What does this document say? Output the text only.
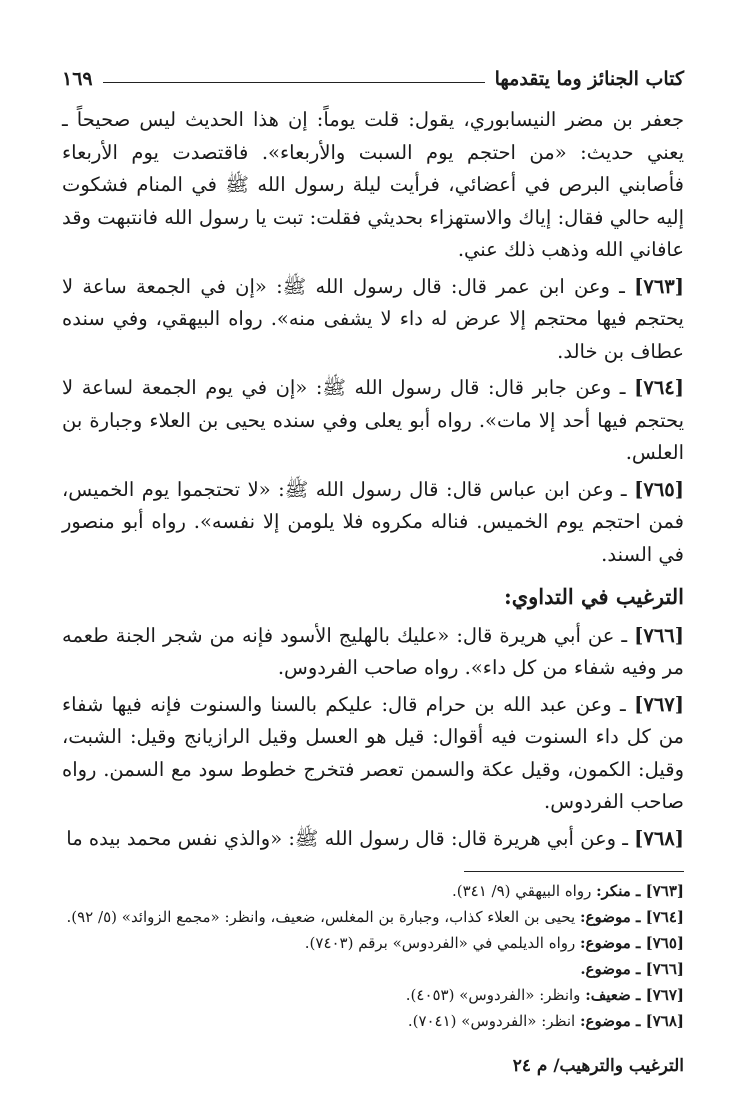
كتاب الجنائز وما يتقدمها
١٦٩

جعفر بن مضر النيسابوري، يقول: قلت يوماً: إن هذا الحديث ليس صحيحاً ـ يعني حديث: «من احتجم يوم السبت والأربعاء». فاقتصدت يوم الأربعاء فأصابني البرص في أعضائي، فرأيت ليلة رسول الله ﷺ في المنام فشكوت إليه حالي فقال: إياك والاستهزاء بحديثي فقلت: تبت يا رسول الله فانتبهت وقد عافاني الله وذهب ذلك عني.

[٧٦٣] ـ وعن ابن عمر قال: قال رسول الله ﷺ: «إن في الجمعة ساعة لا يحتجم فيها محتجم إلا عرض له داء لا يشفى منه». رواه البيهقي، وفي سنده عطاف بن خالد.

[٧٦٤] ـ وعن جابر قال: قال رسول الله ﷺ: «إن في يوم الجمعة لساعة لا يحتجم فيها أحد إلا مات». رواه أبو يعلى وفي سنده يحيى بن العلاء وجبارة بن العلس.

[٧٦٥] ـ وعن ابن عباس قال: قال رسول الله ﷺ: «لا تحتجموا يوم الخميس، فمن احتجم يوم الخميس. فناله مكروه فلا يلومن إلا نفسه». رواه أبو منصور في السند.

الترغيب في التداوي:

[٧٦٦] ـ عن أبي هريرة قال: «عليك بالهليج الأسود فإنه من شجر الجنة طعمه مر وفيه شفاء من كل داء». رواه صاحب الفردوس.

[٧٦٧] ـ وعن عبد الله بن حرام قال: عليكم بالسنا والسنوت فإنه فيها شفاء من كل داء السنوت فيه أقوال: قيل هو العسل وقيل الرازيانج وقيل: الشبت، وقيل: الكمون، وقيل عكة والسمن تعصر فتخرج خطوط سود مع السمن. رواه صاحب الفردوس.

[٧٦٨] ـ وعن أبي هريرة قال: قال رسول الله ﷺ: «والذي نفس محمد بيده ما

[٧٦٣] ـ منكر: رواه البيهقي (٩/ ٣٤١).

[٧٦٤] ـ موضوع: يحيى بن العلاء كذاب، وجبارة بن المغلس، ضعيف، وانظر: «مجمع الزوائد» (٥/ ٩٢).

[٧٦٥] ـ موضوع: رواه الديلمي في «الفردوس» برقم (٧٤٠٣).

[٧٦٦] ـ موضوع.

[٧٦٧] ـ ضعيف: وانظر: «الفردوس» (٤٠٥٣).

[٧٦٨] ـ موضوع: انظر: «الفردوس» (٧٠٤١).

الترغيب والترهيب/ م ٢٤
